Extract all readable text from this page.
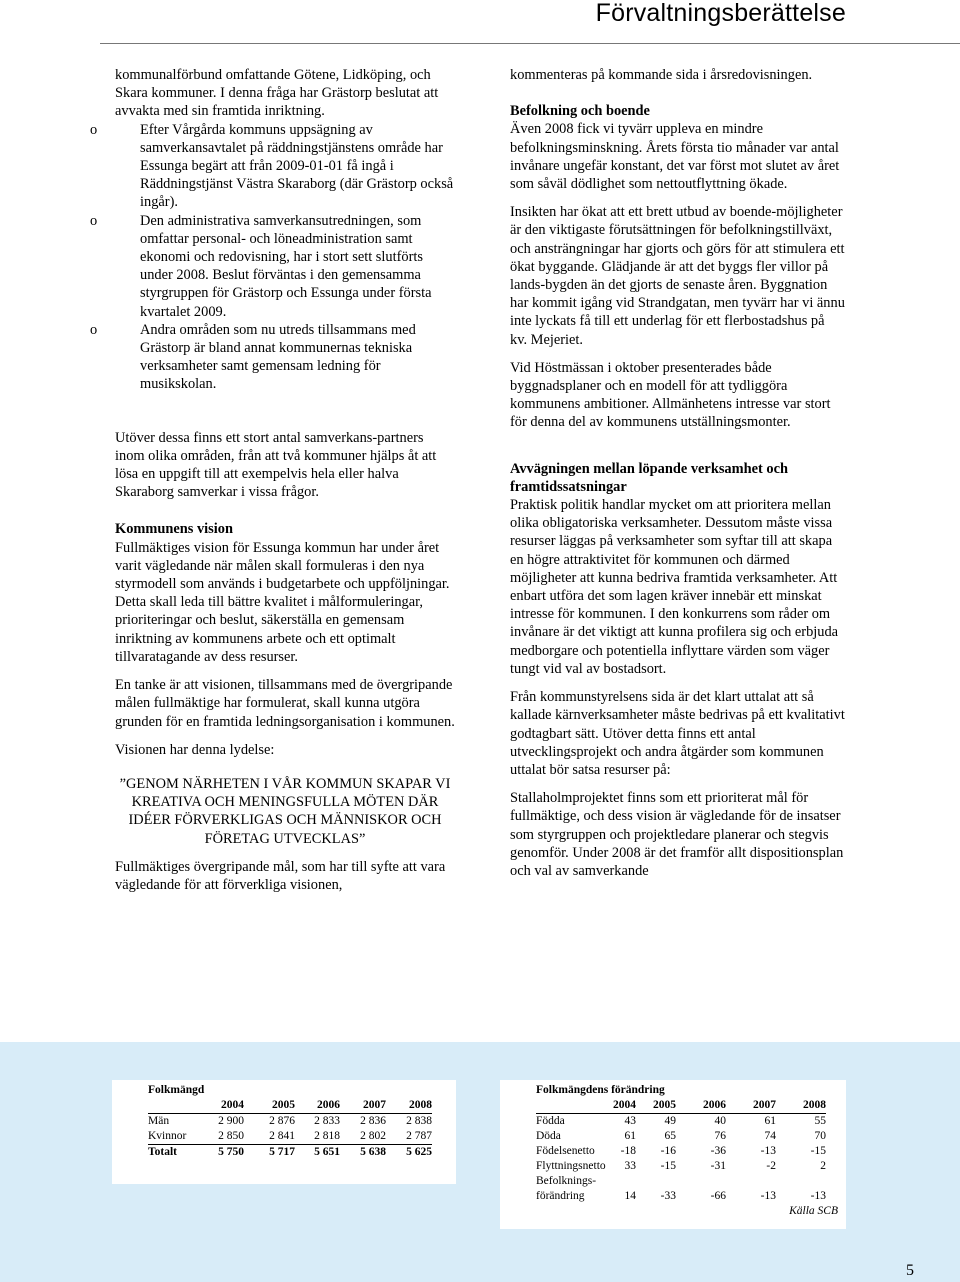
Förvaltningsberättelse

kommunalförbund omfattande Götene, Lidköping, och Skara kommuner. I denna fråga har Grästorp beslutat att avvakta med sin framtida inriktning.

o	Efter Vårgårda kommuns uppsägning av samverkansavtalet på räddningstjänstens område har Essunga begärt att från 2009-01-01 få ingå i Räddningstjänst Västra Skaraborg (där Grästorp också ingår).
o	Den administrativa samverkansutredningen, som omfattar personal- och löneadministration samt ekonomi och redovisning, har i stort sett slutförts under 2008. Beslut förväntas i den gemensamma styrgruppen för Grästorp och Essunga under första kvartalet 2009.
o	Andra områden som nu utreds tillsammans med Grästorp är bland annat kommunernas tekniska verksamheter samt gemensam ledning för musikskolan.

Utöver dessa finns ett stort antal samverkans-partners inom olika områden, från att två kommuner hjälps åt att lösa en uppgift till att exempelvis hela eller halva Skaraborg samverkar i vissa frågor.

Kommunens vision

Fullmäktiges vision för Essunga kommun har under året varit vägledande när målen skall formuleras i den nya styrmodell som används i budgetarbete och uppföljningar. Detta skall leda till bättre kvalitet i målformuleringar, prioriteringar och beslut, säkerställa en gemensam inriktning av kommunens arbete och ett optimalt tillvaratagande av dess resurser.

En tanke är att visionen, tillsammans med de övergripande målen fullmäktige har formulerat, skall kunna utgöra grunden för en framtida ledningsorganisation i kommunen.

Visionen har denna lydelse:

”GENOM NÄRHETEN I VÅR KOMMUN SKAPAR VI KREATIVA OCH MENINGSFULLA MÖTEN DÄR IDÉER FÖRVERKLIGAS OCH MÄNNISKOR OCH FÖRETAG UTVECKLAS”

Fullmäktiges övergripande mål, som har till syfte att vara vägledande för att förverkliga visionen,

kommenteras på kommande sida i årsredovisningen.

Befolkning och boende

Även 2008 fick vi tyvärr uppleva en mindre befolkningsminskning. Årets första tio månader var antal invånare ungefär konstant, det var först mot slutet av året som såväl dödlighet som nettoutflyttning ökade.

Insikten har ökat att ett brett utbud av boende-möjligheter är den viktigaste förutsättningen för befolkningstillväxt, och ansträngningar har gjorts och görs för att stimulera ett ökat byggande. Glädjande är att det byggs fler villor på lands-bygden än det gjorts de senaste åren. Byggnation har kommit igång vid Strandgatan, men tyvärr har vi ännu inte lyckats få till ett underlag för ett flerbostadshus på kv. Mejeriet.

Vid Höstmässan i oktober presenterades både byggnadsplaner och en modell för att tydliggöra kommunens ambitioner. Allmänhetens intresse var stort för denna del av kommunens utställningsmonter.

Avvägningen mellan löpande verksamhet och framtidssatsningar

Praktisk politik handlar mycket om att prioritera mellan olika obligatoriska verksamheter. Dessutom måste vissa resurser läggas på verksamheter som syftar till att skapa en högre attraktivitet för kommunen och därmed möjligheter att kunna bedriva framtida verksamheter. Att enbart utföra det som lagen kräver innebär ett minskat intresse för kommunen. I den konkurrens som råder om invånare är det viktigt att kunna profilera sig och erbjuda medborgare och potentiella inflyttare värden som väger tungt vid val av bostadsort.

Från kommunstyrelsens sida är det klart uttalat att så kallade kärnverksamheter måste bedrivas på ett kvalitativt godtagbart sätt. Utöver detta finns ett antal utvecklingsprojekt och andra åtgärder som kommunen uttalat bör satsa resurser på:

Stallaholmprojektet finns som ett prioriterat mål för fullmäktige, och dess vision är vägledande för de insatser som styrgruppen och projektledare planerar och stegvis genomför. Under 2008 är det framför allt dispositionsplan och val av samverkande

Folkmängd

	2004	2005	2006	2007	2008
Män	2 900	2 876	2 833	2 836	2 838
Kvinnor	2 850	2 841	2 818	2 802	2 787
Totalt	5 750	5 717	5 651	5 638	5 625

Folkmängdens förändring

	2004	2005	2006	2007	2008
Födda	43	49	40	61	55
Döda	61	65	76	74	70
Födelsenetto	-18	-16	-36	-13	-15
Flyttningsnetto	33	-15	-31	-2	2
Befolknings-					
förändring	14	-33	-66	-13	-13

Källa SCB

5
